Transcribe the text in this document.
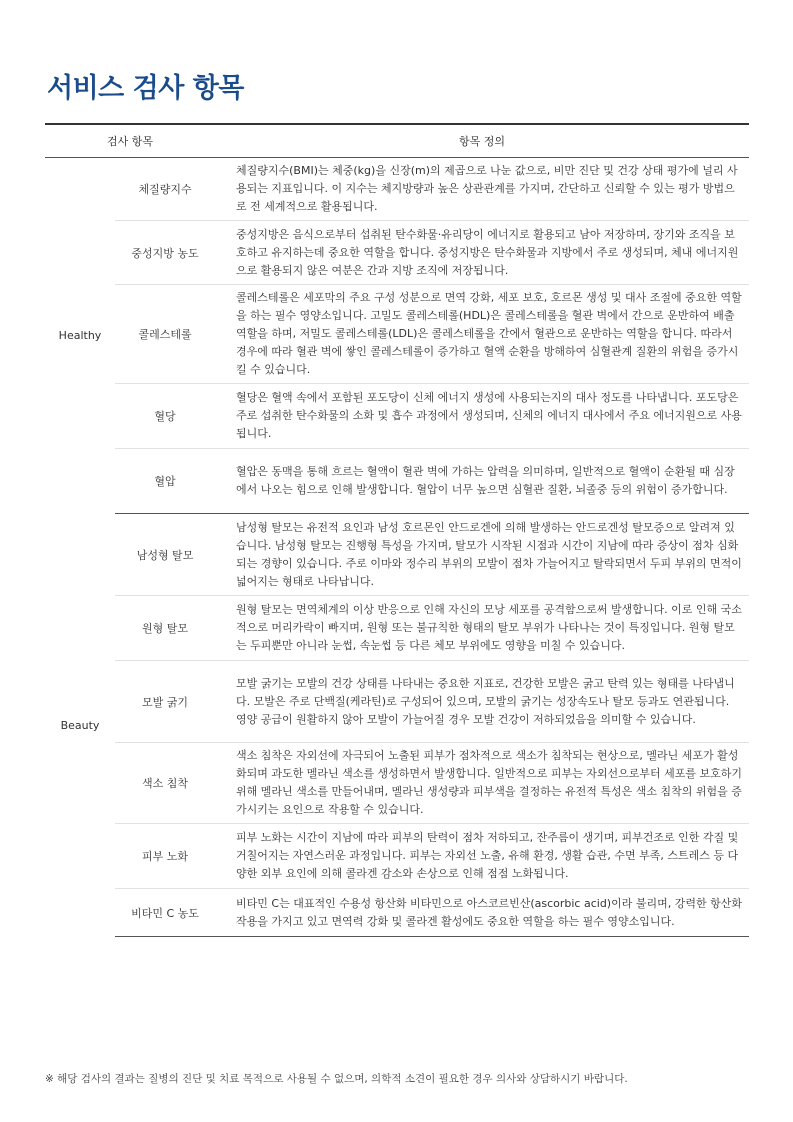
서비스 검사 항목
검사 항목		항목 정의
Healthy	체질량지수	체질량지수(BMI)는 체중(kg)을 신장(m)의 제곱으로 나눈 값으로, 비만 진단 및 건강 상태 평가에 널리 사용되는 지표입니다. 이 지수는 체지방량과 높은 상관관계를 가지며, 간단하고 신뢰할 수 있는 평가 방법으로 전 세계적으로 활용됩니다.
	중성지방 농도	중성지방은 음식으로부터 섭취된 탄수화물·유리당이 에너지로 활용되고 남아 저장하며, 장기와 조직을 보호하고 유지하는데 중요한 역할을 합니다. 중성지방은 탄수화물과 지방에서 주로 생성되며, 체내 에너지원으로 활용되지 않은 여분은 간과 지방 조직에 저장됩니다.
	콜레스테롤	콜레스테롤은 세포막의 주요 구성 성분으로 면역 강화, 세포 보호, 호르몬 생성 및 대사 조절에 중요한 역할을 하는 필수 영양소입니다. 고밀도 콜레스테롤(HDL)은 콜레스테롤을 혈관 벽에서 간으로 운반하여 배출 역할을 하며, 저밀도 콜레스테롤(LDL)은 콜레스테롤을 간에서 혈관으로 운반하는 역할을 합니다. 따라서 경우에 따라 혈관 벽에 쌓인 콜레스테롤이 증가하고 혈액 순환을 방해하여 심혈관계 질환의 위험을 증가시킬 수 있습니다.
	혈당	혈당은 혈액 속에서 포함된 포도당이 신체 에너지 생성에 사용되는지의 대사 정도를 나타냅니다. 포도당은 주로 섭취한 탄수화물의 소화 및 흡수 과정에서 생성되며, 신체의 에너지 대사에서 주요 에너지원으로 사용됩니다.
	혈압	혈압은 동맥을 통해 흐르는 혈액이 혈관 벽에 가하는 압력을 의미하며, 일반적으로 혈액이 순환될 때 심장에서 나오는 힘으로 인해 발생합니다. 혈압이 너무 높으면 심혈관 질환, 뇌졸중 등의 위험이 증가합니다.
Beauty	남성형 탈모	남성형 탈모는 유전적 요인과 남성 호르몬인 안드로겐에 의해 발생하는 안드로겐성 탈모증으로 알려져 있습니다. 남성형 탈모는 진행형 특성을 가지며, 탈모가 시작된 시점과 시간이 지남에 따라 증상이 점차 심화되는 경향이 있습니다. 주로 이마와 정수리 부위의 모발이 점차 가늘어지고 탈락되면서 두피 부위의 면적이 넓어지는 형태로 나타납니다.
	원형 탈모	원형 탈모는 면역체계의 이상 반응으로 인해 자신의 모낭 세포를 공격함으로써 발생합니다. 이로 인해 국소적으로 머리카락이 빠지며, 원형 또는 불규칙한 형태의 탈모 부위가 나타나는 것이 특징입니다. 원형 탈모는 두피뿐만 아니라 눈썹, 속눈썹 등 다른 체모 부위에도 영향을 미칠 수 있습니다.
	모발 굵기	모발 굵기는 모발의 건강 상태를 나타내는 중요한 지표로, 건강한 모발은 굵고 탄력 있는 형태를 나타냅니다. 모발은 주로 단백질(케라틴)로 구성되어 있으며, 모발의 굵기는 성장속도나 탈모 등과도 연관됩니다. 영양 공급이 원활하지 않아 모발이 가늘어질 경우 모발 건강이 저하되었음을 의미할 수 있습니다.
	색소 침착	색소 침착은 자외선에 자극되어 노출된 피부가 점차적으로 색소가 침착되는 현상으로, 멜라닌 세포가 활성화되며 과도한 멜라닌 색소를 생성하면서 발생합니다. 일반적으로 피부는 자외선으로부터 세포를 보호하기 위해 멜라닌 색소를 만들어내며, 멜라닌 생성량과 피부색을 결정하는 유전적 특성은 색소 침착의 위험을 증가시키는 요인으로 작용할 수 있습니다.
	피부 노화	피부 노화는 시간이 지남에 따라 피부의 탄력이 점차 저하되고, 잔주름이 생기며, 피부건조로 인한 각질 및 거칠어지는 자연스러운 과정입니다. 피부는 자외선 노출, 유해 환경, 생활 습관, 수면 부족, 스트레스 등 다양한 외부 요인에 의해 콜라겐 감소와 손상으로 인해 점점 노화됩니다.
	비타민 C 농도	비타민 C는 대표적인 수용성 항산화 비타민으로 아스코르빈산(ascorbic acid)이라 불리며, 강력한 항산화 작용을 가지고 있고 면역력 강화 및 콜라겐 활성에도 중요한 역할을 하는 필수 영양소입니다.

※ 해당 검사의 결과는 질병의 진단 및 치료 목적으로 사용될 수 없으며, 의학적 소견이 필요한 경우 의사와 상담하시기 바랍니다.
